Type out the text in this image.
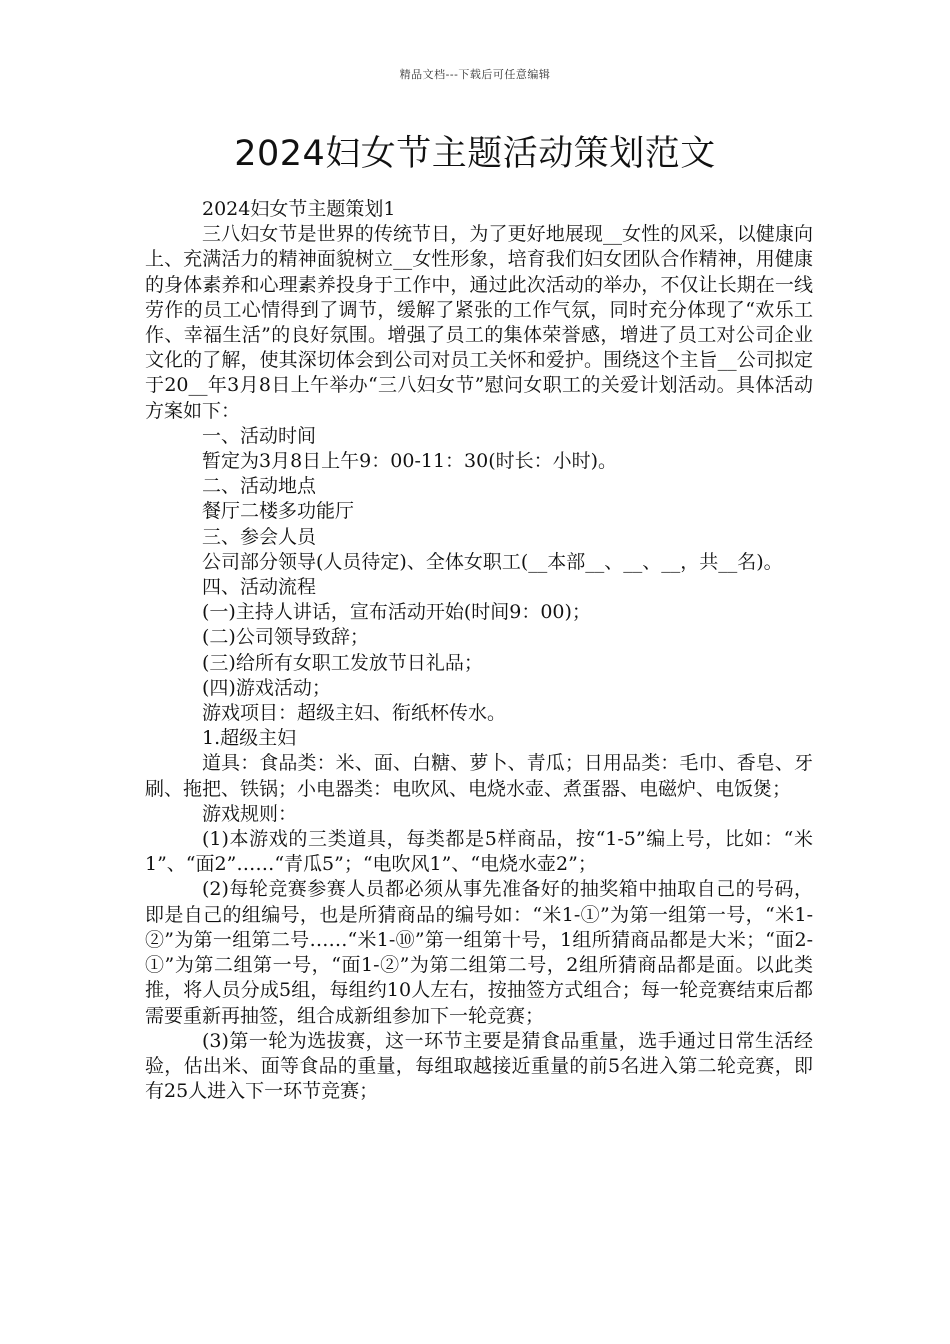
精品文档---下载后可任意编辑
2024妇女节主题活动策划范文

2024妇女节主题策划1

三八妇女节是世界的传统节日，为了更好地展现__女性的风采，以健康向上、充满活力的精神面貌树立__女性形象，培育我们妇女团队合作精神，用健康的身体素养和心理素养投身于工作中，通过此次活动的举办，不仅让长期在一线劳作的员工心情得到了调节，缓解了紧张的工作气氛，同时充分体现了“欢乐工作、幸福生活”的良好氛围。增强了员工的集体荣誉感，增进了员工对公司企业文化的了解，使其深切体会到公司对员工关怀和爱护。围绕这个主旨__公司拟定于20__年3月8日上午举办“三八妇女节”慰问女职工的关爱计划活动。具体活动方案如下：

一、活动时间

暂定为3月8日上午9：00-11：30(时长：小时)。

二、活动地点

餐厅二楼多功能厅

三、参会人员

公司部分领导(人员待定)、全体女职工(__本部__、__、__，共__名)。

四、活动流程

(一)主持人讲话，宣布活动开始(时间9：00)；

(二)公司领导致辞；

(三)给所有女职工发放节日礼品；

(四)游戏活动；

游戏项目：超级主妇、衔纸杯传水。

1.超级主妇

道具：食品类：米、面、白糖、萝卜、青瓜；日用品类：毛巾、香皂、牙刷、拖把、铁锅；小电器类：电吹风、电烧水壶、煮蛋器、电磁炉、电饭煲；

游戏规则：

(1)本游戏的三类道具，每类都是5样商品，按“1-5”编上号，比如：“米1”、“面2”……“青瓜5”；“电吹风1”、“电烧水壶2”；

(2)每轮竞赛参赛人员都必须从事先准备好的抽奖箱中抽取自己的号码，即是自己的组编号，也是所猜商品的编号如：“米1-①”为第一组第一号，“米1-②”为第一组第二号……“米1-⑩”第一组第十号，1组所猜商品都是大米；“面2-①”为第二组第一号，“面1-②”为第二组第二号，2组所猜商品都是面。以此类推，将人员分成5组，每组约10人左右，按抽签方式组合；每一轮竞赛结束后都需要重新再抽签，组合成新组参加下一轮竞赛；

(3)第一轮为选拔赛，这一环节主要是猜食品重量，选手通过日常生活经验，估出米、面等食品的重量，每组取越接近重量的前5名进入第二轮竞赛，即有25人进入下一环节竞赛；
